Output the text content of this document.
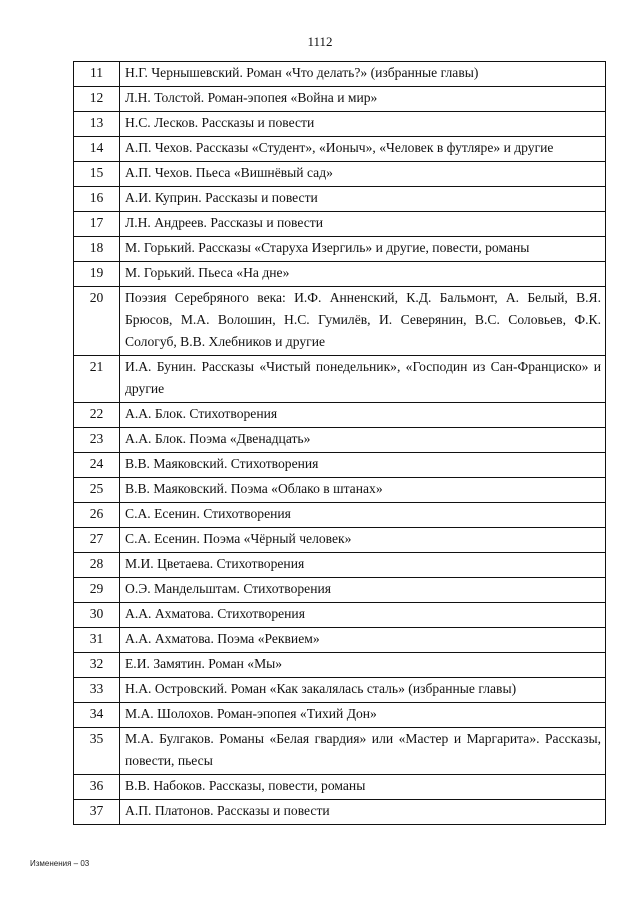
1112
11	Н.Г. Чернышевский. Роман «Что делать?» (избранные главы)
12	Л.Н. Толстой. Роман-эпопея «Война и мир»
13	Н.С. Лесков. Рассказы и повести
14	А.П. Чехов. Рассказы «Студент», «Ионыч», «Человек в футляре» и другие
15	А.П. Чехов. Пьеса «Вишнёвый сад»
16	А.И. Куприн. Рассказы и повести
17	Л.Н. Андреев. Рассказы и повести
18	М. Горький. Рассказы «Старуха Изергиль» и другие, повести, романы
19	М. Горький. Пьеса «На дне»
20	Поэзия Серебряного века: И.Ф. Анненский, К.Д. Бальмонт, А. Белый, В.Я. Брюсов, М.А. Волошин, Н.С. Гумилёв, И. Северянин, В.С. Соловьев, Ф.К. Сологуб, В.В. Хлебников и другие
21	И.А. Бунин. Рассказы «Чистый понедельник», «Господин из Сан-Франциско» и другие
22	А.А. Блок. Стихотворения
23	А.А. Блок. Поэма «Двенадцать»
24	В.В. Маяковский. Стихотворения
25	В.В. Маяковский. Поэма «Облако в штанах»
26	С.А. Есенин. Стихотворения
27	С.А. Есенин. Поэма «Чёрный человек»
28	М.И. Цветаева. Стихотворения
29	О.Э. Мандельштам. Стихотворения
30	А.А. Ахматова. Стихотворения
31	А.А. Ахматова. Поэма «Реквием»
32	Е.И. Замятин. Роман «Мы»
33	Н.А. Островский. Роман «Как закалялась сталь» (избранные главы)
34	М.А. Шолохов. Роман-эпопея «Тихий Дон»
35	М.А. Булгаков. Романы «Белая гвардия» или «Мастер и Маргарита». Рассказы, повести, пьесы
36	В.В. Набоков. Рассказы, повести, романы
37	А.П. Платонов. Рассказы и повести
Изменения – 03
